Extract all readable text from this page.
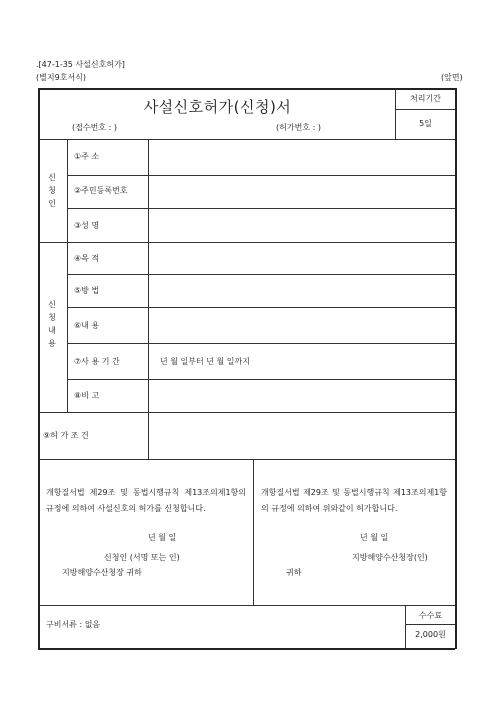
.[47-1-35 사설신호허가]
(별지9호서식)	(앞면)
사설신호허가(신청)서
(접수번호 : )	(허가번호 : )
처리기간
5일
신
청
인
①주 소
②주민등록번호
③성 명
신
청
내
용
④목 적
⑤방 법
⑥내 용
⑦사 용 기 간	년 월 일부터 년 월 일까지
⑧비 고
⑨허 가 조 건
개항질서법 제29조 및 동법시행규칙 제13조의제1항의 규정에 의하여 사설신호의 허가를 신청합니다.
년 월 일
신청인 (서명 또는 인)
지방해양수산청장 귀하
개항질서법 제29조 및 동법시행규칙 제13조의제1항의 규정에 의하여 위와같이 허가합니다.
년 월 일
지방해양수산청장(인)
귀하
구비서류 : 없음
수수료
2,000원
